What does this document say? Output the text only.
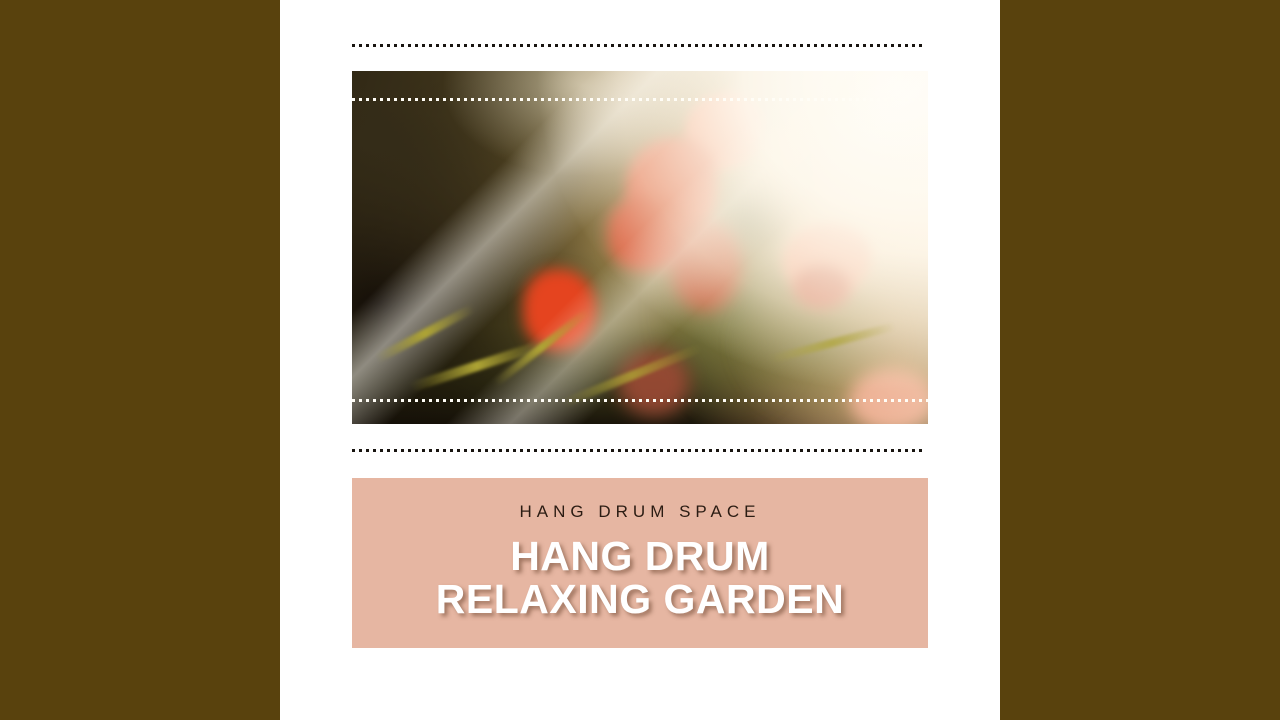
HANG DRUM SPACE
HANG DRUM
RELAXING GARDEN
